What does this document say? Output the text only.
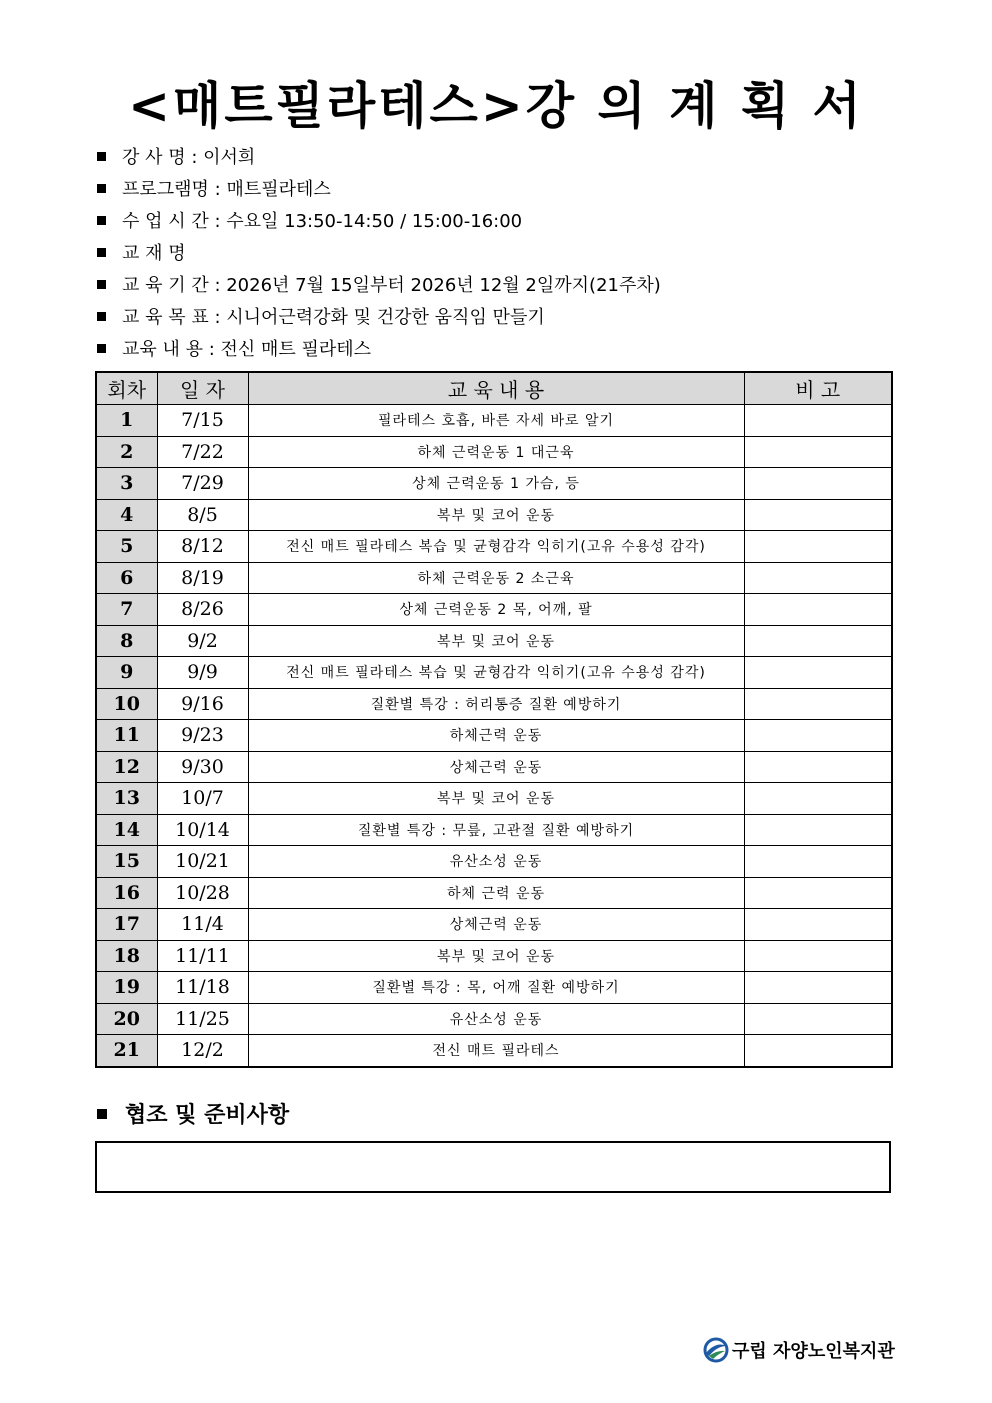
<매트필라테스>강 의 계 획 서
강 사 명 : 이서희
프로그램명 : 매트필라테스
수 업 시 간 : 수요일 13:50-14:50 / 15:00-16:00
교 재 명
교 육 기 간 : 2026년 7월 15일부터 2026년 12월 2일까지(21주차)
교 육 목 표 : 시니어근력강화 및 건강한 움직임 만들기
교육 내 용 : 전신 매트 필라테스
회차	일 자	교 육 내 용	비 고
1	7/15	필라테스 호흡, 바른 자세 바로 알기	
2	7/22	하체 근력운동 1 대근육	
3	7/29	상체 근력운동 1 가슴, 등	
4	8/5	복부 및 코어 운동	
5	8/12	전신 매트 필라테스 복습 및 균형감각 익히기(고유 수용성 감각)	
6	8/19	하체 근력운동 2 소근육	
7	8/26	상체 근력운동 2 목, 어깨, 팔	
8	9/2	복부 및 코어 운동	
9	9/9	전신 매트 필라테스 복습 및 균형감각 익히기(고유 수용성 감각)	
10	9/16	질환별 특강 : 허리통증 질환 예방하기	
11	9/23	하체근력 운동	
12	9/30	상체근력 운동	
13	10/7	복부 및 코어 운동	
14	10/14	질환별 특강 : 무릎, 고관절 질환 예방하기	
15	10/21	유산소성 운동	
16	10/28	하체 근력 운동	
17	11/4	상체근력 운동	
18	11/11	복부 및 코어 운동	
19	11/18	질환별 특강 : 목, 어깨 질환 예방하기	
20	11/25	유산소성 운동	
21	12/2	전신 매트 필라테스	
협조 및 준비사항
구립 자양노인복지관
